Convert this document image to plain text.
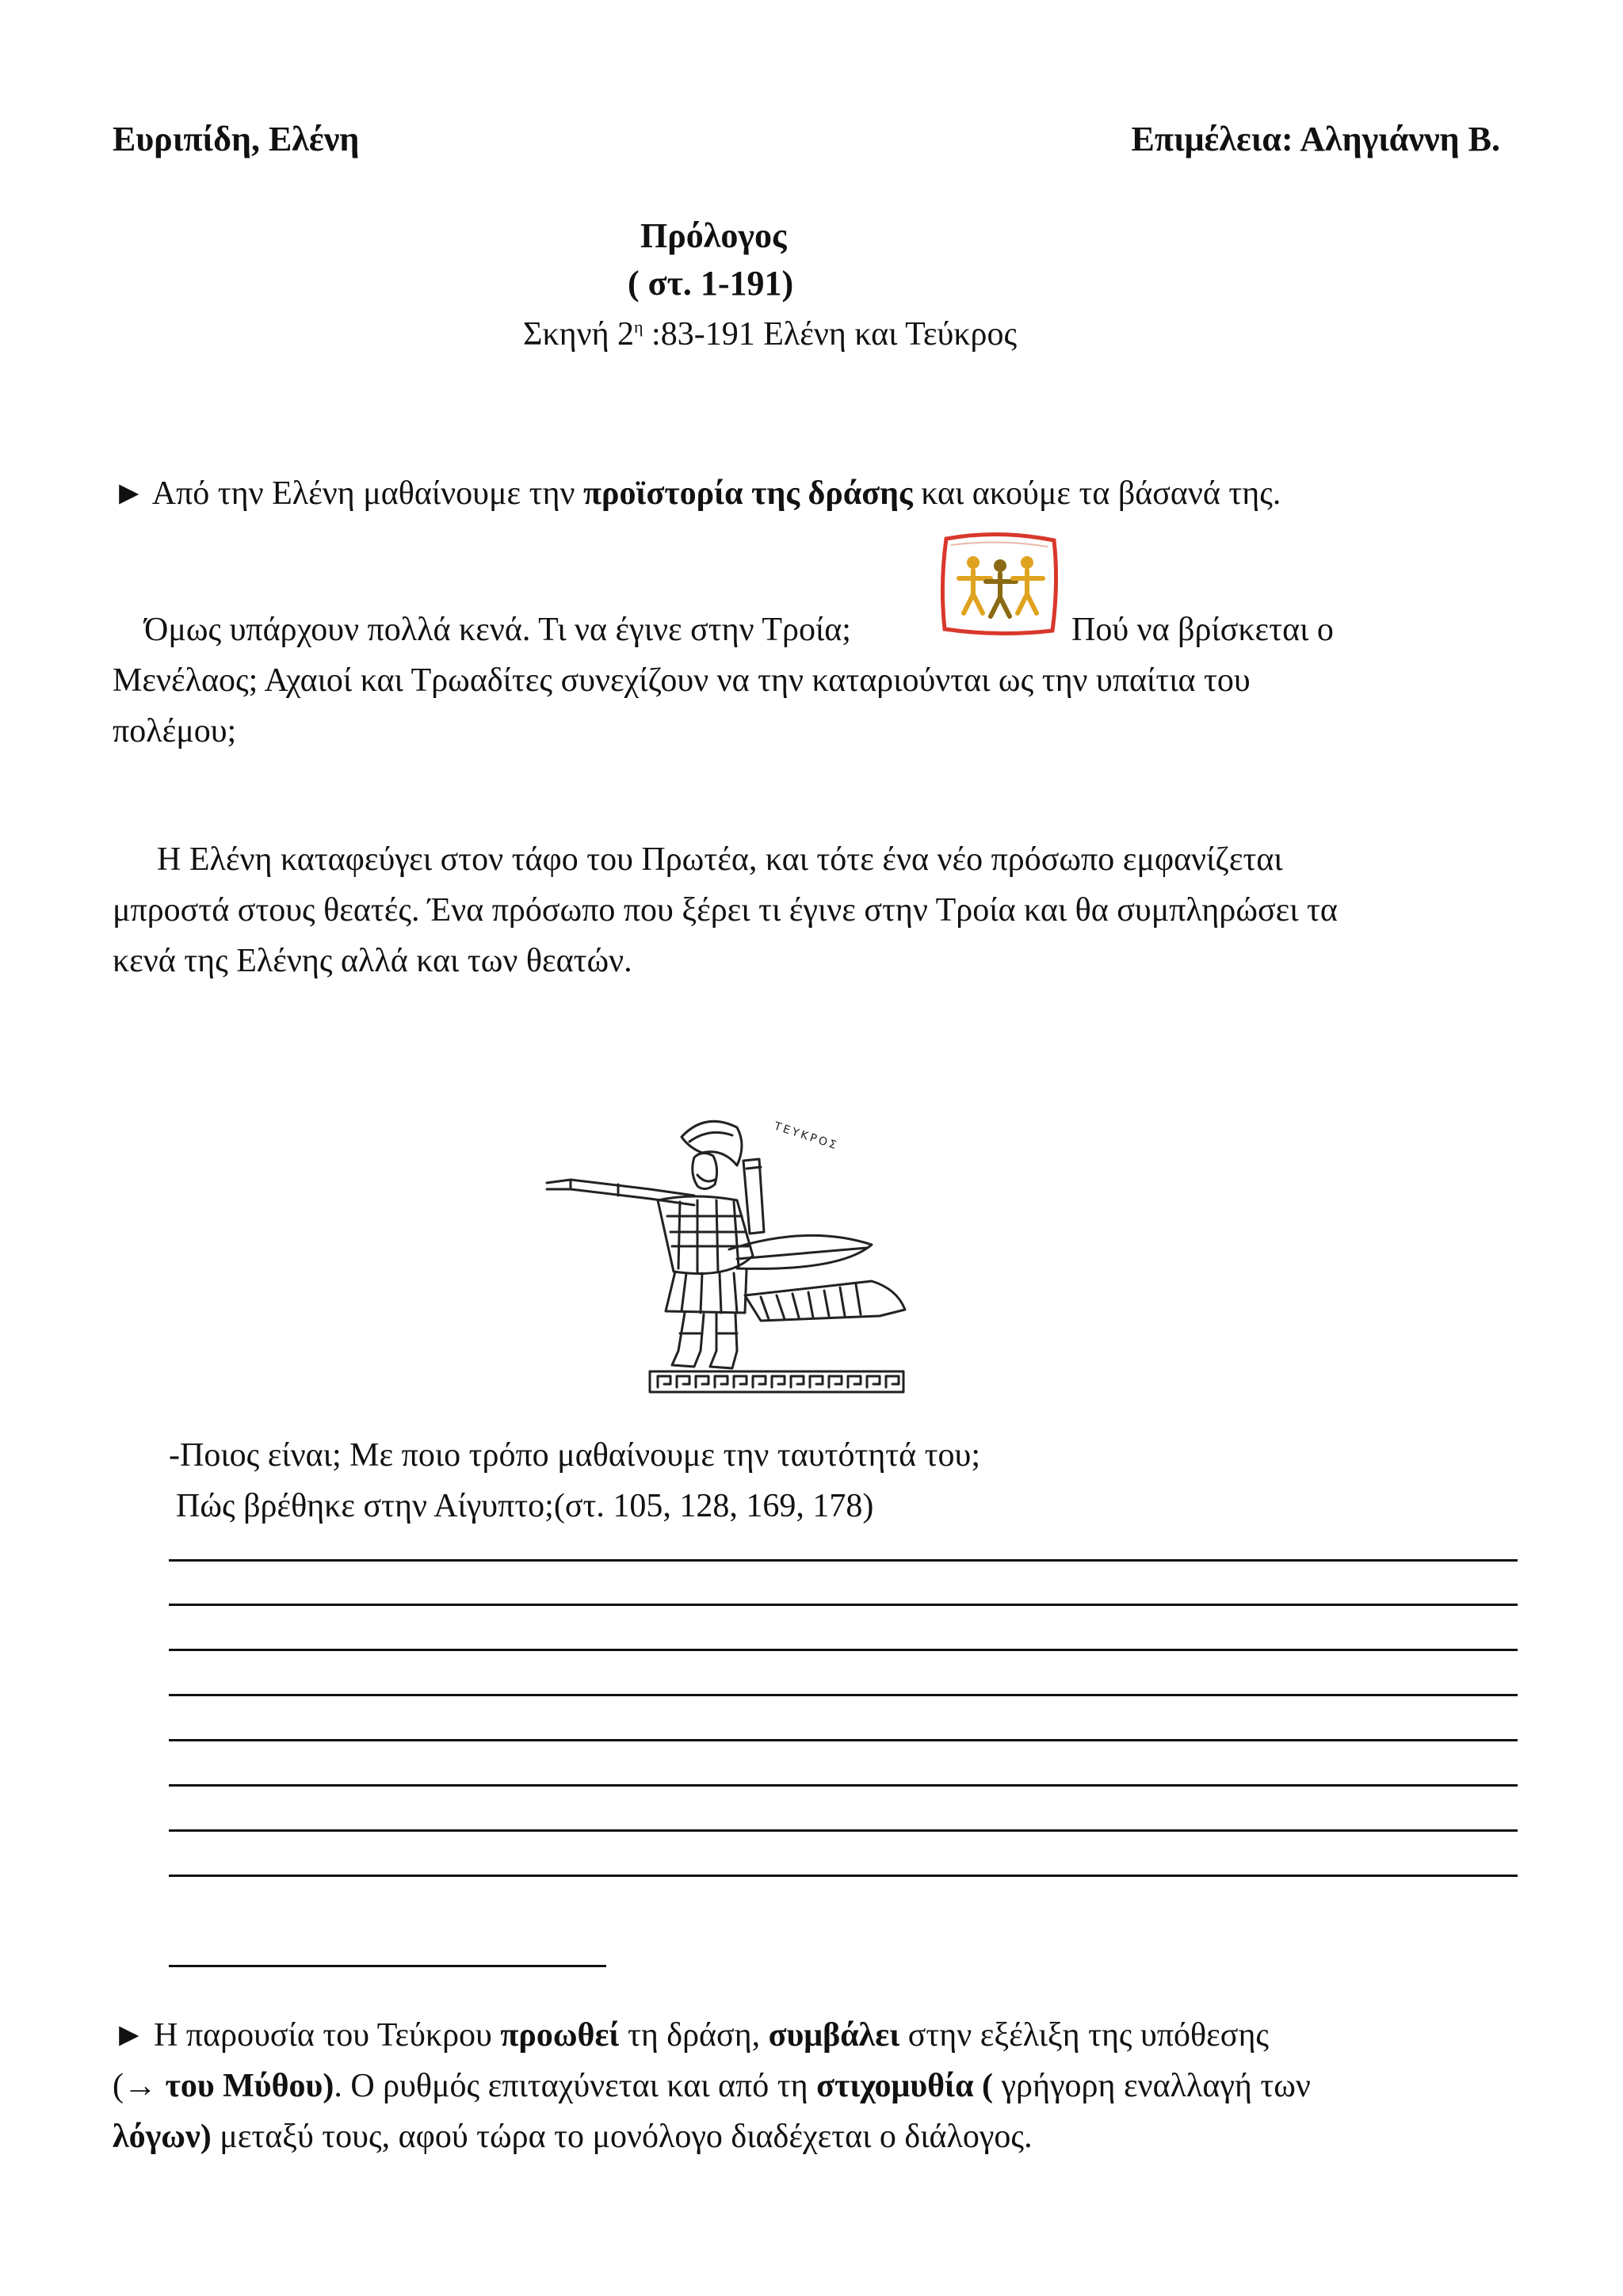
Ευριπίδη, Ελένη	Επιμέλεια: Αληγιάννη Β.
Πρόλογος
( στ. 1-191)
Σκηνή $2^\eta$ :83-191 Ελένη και Τεύκρος
► Από την Ελένη μαθαίνουμε την προϊστορία της δράσης και ακούμε τα βάσανά της.
Όμως υπάρχουν πολλά κενά. Τι να έγινε στην Τροία;	Πού να βρίσκεται ο
Μενέλαος; Αχαιοί και Τρωαδίτες συνεχίζουν να την καταριούνται ως την υπαίτια του
πολέμου;
Η Ελένη καταφεύγει στον τάφο του Πρωτέα, και τότε ένα νέο πρόσωπο εμφανίζεται
μπροστά στους θεατές. Ένα πρόσωπο που ξέρει τι έγινε στην Τροία και θα συμπληρώσει τα
κενά της Ελένης αλλά και των θεατών.
ΤΕΥΚΡΟΣ
-Ποιος είναι; Με ποιο τρόπο μαθαίνουμε την ταυτότητά του;
Πώς βρέθηκε στην Αίγυπτο;(στ. 105, 128, 169, 178)
► Η παρουσία του Τεύκρου προωθεί τη δράση, συμβάλει στην εξέλιξη της υπόθεσης
(→ του Μύθου). Ο ρυθμός επιταχύνεται και από τη στιχομυθία ( γρήγορη εναλλαγή των
λόγων) μεταξύ τους, αφού τώρα το μονόλογο διαδέχεται ο διάλογος.
